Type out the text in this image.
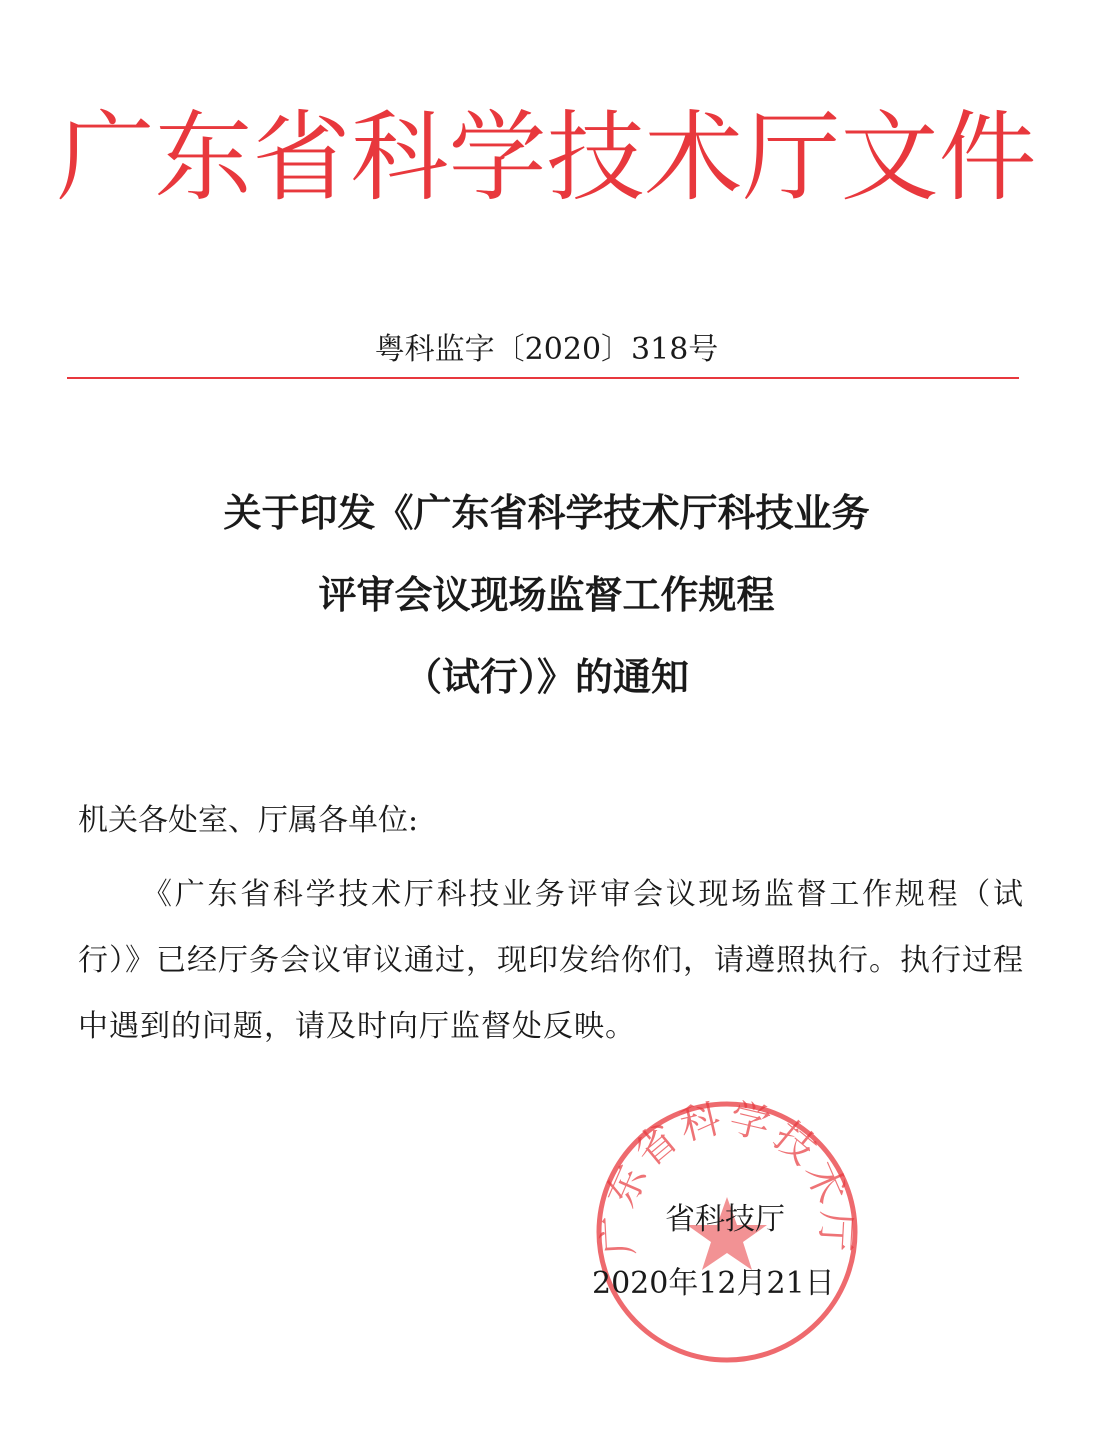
广东省科学技术厅文件
粤科监字〔2020〕318号
关于印发《广东省科学技术厅科技业务
评审会议现场监督工作规程
（试行）》的通知
机关各处室、厅属各单位:
《广东省科学技术厅科技业务评审会议现场监督工作规程（试行）》已经厅务会议审议通过，现印发给你们，请遵照执行。执行过程中遇到的问题，请及时向厅监督处反映。
广东省科学技术厅
省科技厅
2020年12月21日
